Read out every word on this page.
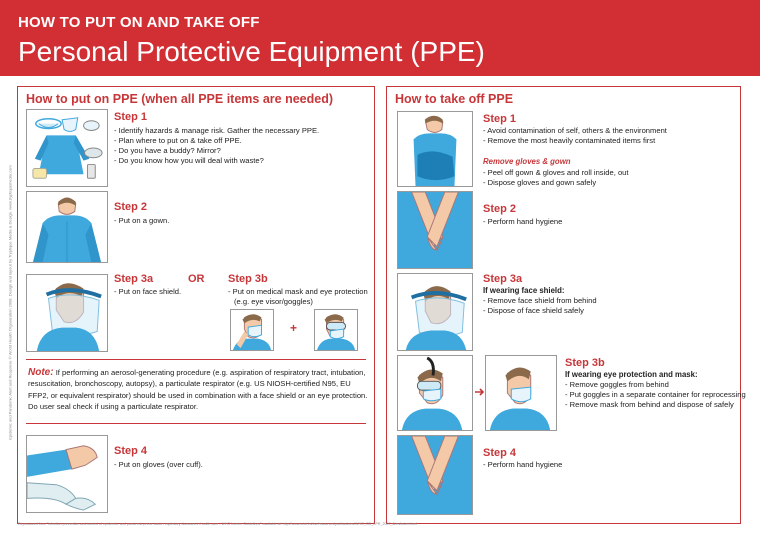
HOW TO PUT ON AND TAKE OFF
Personal Protective Equipment (PPE)
Epidemic and Pandemic Alert and Response © World Health Organization 2008. Design and layout by Tryptique Media & Design. www.tryptiquemedia.com
How to put on PPE (when all PPE items are needed)
Step 1
- Identify hazards & manage risk. Gather the necessary PPE.
- Plan where to put on & take off PPE.
- Do you have a buddy? Mirror?
- Do you know how you will deal with waste?
Step 2
- Put on a gown.
Step 3a
- Put on face shield.
OR Step 3b
- Put on medical mask and eye protection
(e.g. eye visor/goggles)
+
Note: If performing an aerosol-generating procedure (e.g. aspiration of respiratory tract, intubation, resuscitation, bronchoscopy, autopsy), a particulate respirator (e.g. US NIOSH-certified N95, EU FFP2, or equivalent respirator) should be used in combination with a face shield or an eye protection. Do user seal check if using a particulate respirator.
Step 4
- Put on gloves (over cuff).
How to take off PPE
Step 1
- Avoid contamination of self, others & the environment
- Remove the most heavily contaminated items first
Remove gloves & gown
- Peel off gown & gloves and roll inside, out
- Dispose gloves and gown safely
Step 2
- Perform hand hygiene
Step 3a
If wearing face shield:
- Remove face shield from behind
- Dispose of face shield safely
Step 3b
If wearing eye protection and mask:
- Remove goggles from behind
- Put goggles in a separate container for reprocessing
- Remove mask from behind and dispose of safely
Step 4
- Perform hand hygiene
Reproduced from "Infection prevention and control of epidemic- and pandemic-prone acute respiratory diseases in health care - WHO Interim Guidelines" available at: http://www.who.int/csr/resources/publications/WHO_CD_EPR_2007_6/en/index.html
